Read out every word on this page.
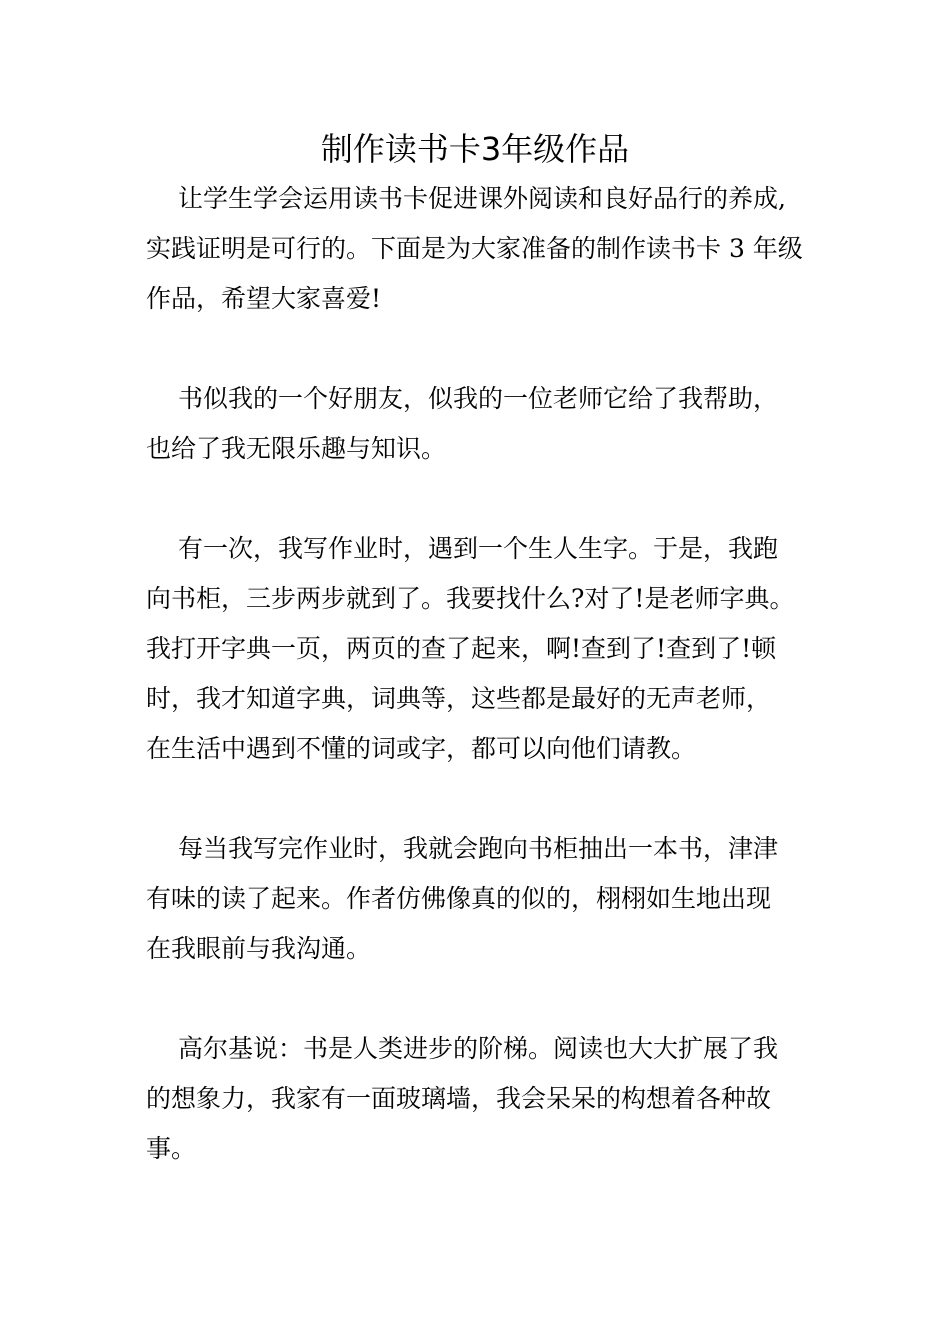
制作读书卡3年级作品

让学生学会运用读书卡促进课外阅读和良好品行的养成,

实践证明是可行的。下面是为大家准备的制作读书卡 3 年级

作品，希望大家喜爱!

书似我的一个好朋友，似我的一位老师它给了我帮助，

也给了我无限乐趣与知识。

有一次，我写作业时，遇到一个生人生字。于是，我跑

向书柜，三步两步就到了。我要找什么?对了!是老师字典。

我打开字典一页，两页的查了起来，啊!查到了!查到了!顿

时，我才知道字典，词典等，这些都是最好的无声老师，

在生活中遇到不懂的词或字，都可以向他们请教。

每当我写完作业时，我就会跑向书柜抽出一本书，津津

有味的读了起来。作者仿佛像真的似的，栩栩如生地出现

在我眼前与我沟通。

高尔基说：书是人类进步的阶梯。阅读也大大扩展了我

的想象力，我家有一面玻璃墙，我会呆呆的构想着各种故

事。
